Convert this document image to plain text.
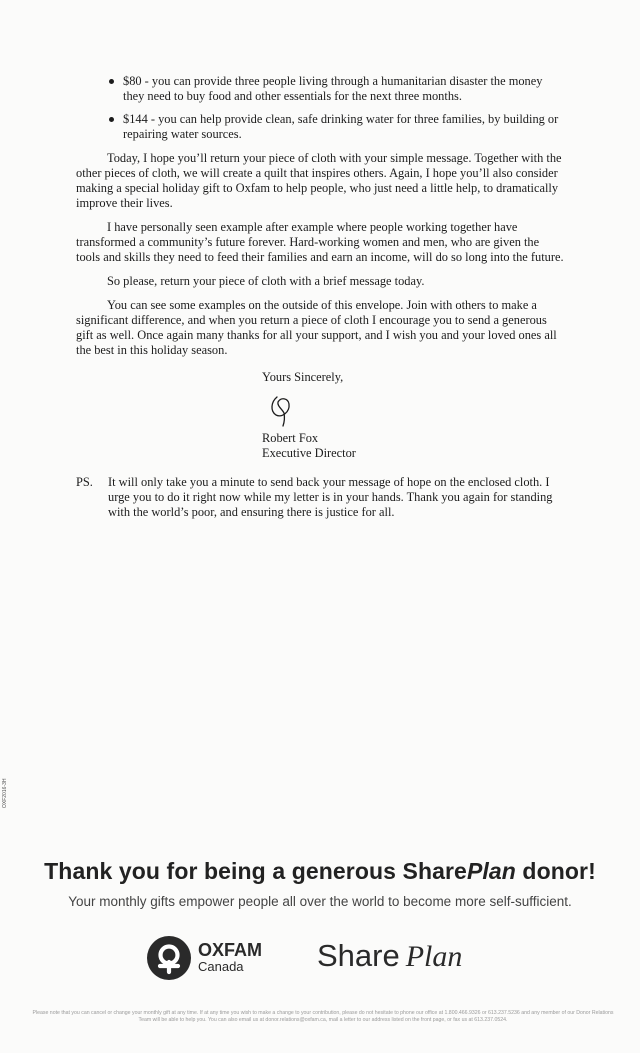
$80 - you can provide three people living through a humanitarian disaster the money they need to buy food and other essentials for the next three months.
$144 - you can help provide clean, safe drinking water for three families, by building or repairing water sources.

Today, I hope you’ll return your piece of cloth with your simple message. Together with the other pieces of cloth, we will create a quilt that inspires others. Again, I hope you’ll also consider making a special holiday gift to Oxfam to help people, who just need a little help, to dramatically improve their lives.

I have personally seen example after example where people working together have transformed a community’s future forever. Hard-working women and men, who are given the tools and skills they need to feed their families and earn an income, will do so long into the future.

So please, return your piece of cloth with a brief message today.

You can see some examples on the outside of this envelope. Join with others to make a significant difference, and when you return a piece of cloth I encourage you to send a generous gift as well. Once again many thanks for all your support, and I wish you and your loved ones all the best in this holiday season.

Yours Sincerely,
Robert Fox
Executive Director
PS.	It will only take you a minute to send back your message of hope on the enclosed cloth. I urge you to do it right now while my letter is in your hands. Thank you again for standing with the world’s poor, and ensuring there is justice for all.
OXF2016-3H
Thank you for being a generous SharePlan donor!
Your monthly gifts empower people all over the world to become more self-sufficient.
OXFAM
Canada	Share Plan
Please note that you can cancel or change your monthly gift at any time. If at any time you wish to make a change to your contribution, please do not hesitate to phone our office at 1.800.466.9326 or 613.237.5236 and any member of our Donor Relations Team will be able to help you. You can also email us at donor.relations@oxfam.ca, mail a letter to our address listed on the front page, or fax us at 613.237.0524.
